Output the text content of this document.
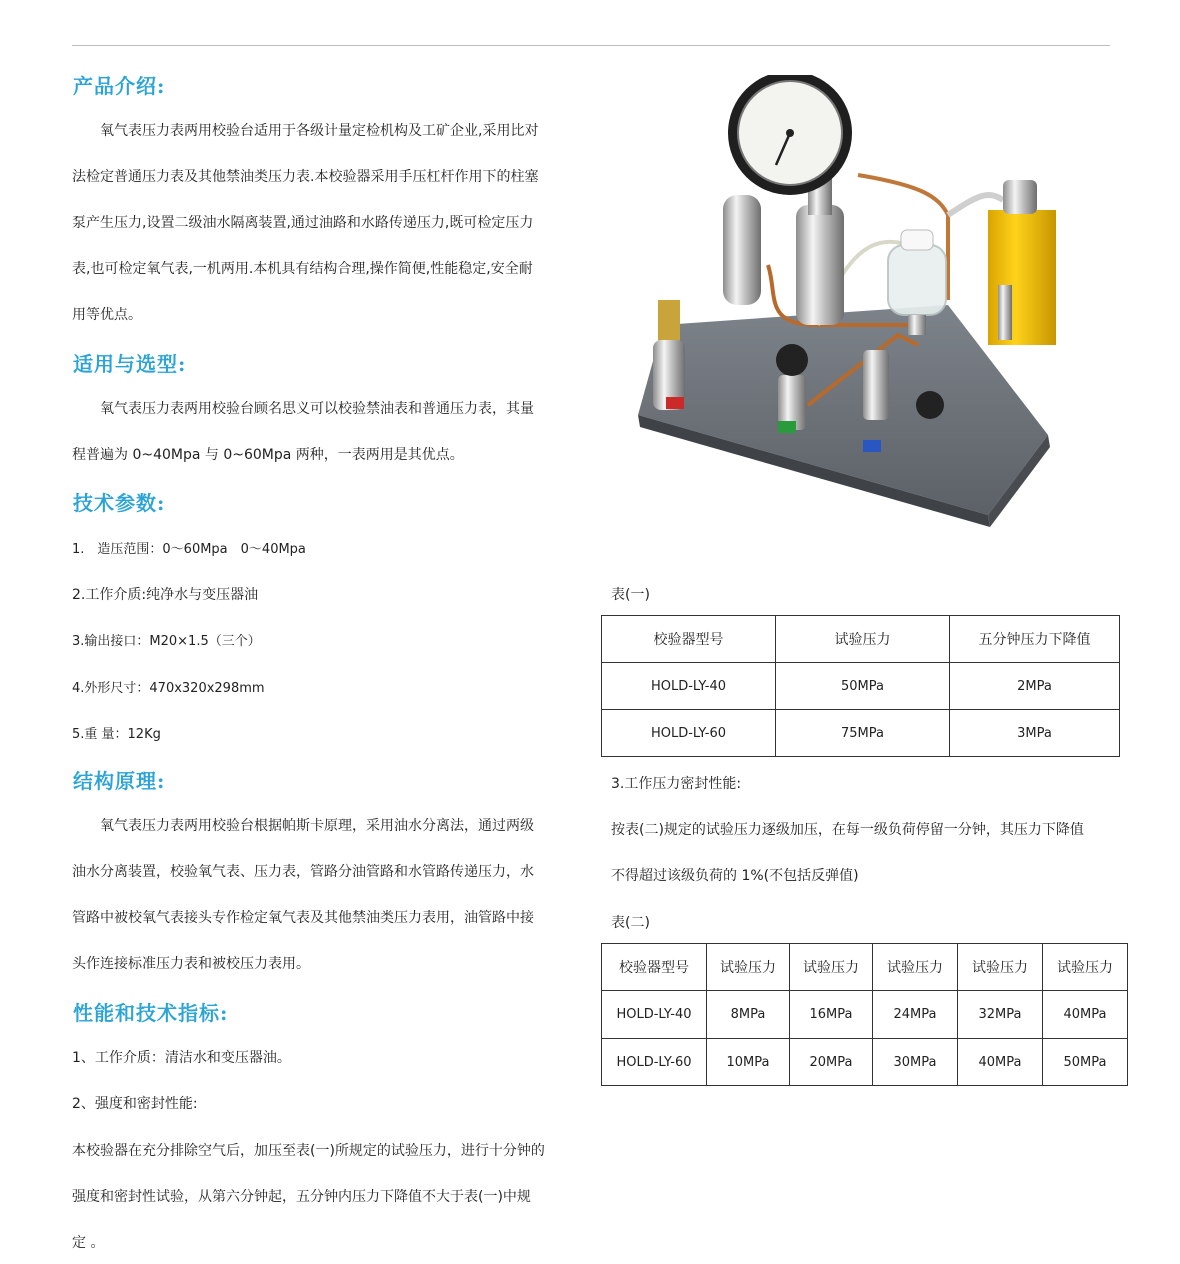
产品介绍:
　　氧气表压力表两用校验台适用于各级计量定检机构及工矿企业,采用比对
法检定普通压力表及其他禁油类压力表.本校验器采用手压杠杆作用下的柱塞
泵产生压力,设置二级油水隔离装置,通过油路和水路传递压力,既可检定压力
表,也可检定氧气表,一机两用.本机具有结构合理,操作简便,性能稳定,安全耐
用等优点。
适用与选型:
　　氧气表压力表两用校验台顾名思义可以校验禁油表和普通压力表，其量
程普遍为 0~40Mpa 与 0~60Mpa 两种，一表两用是其优点。
技术参数:
1.　造压范围：0～60Mpa　0～40Mpa
2.工作介质:纯净水与变压器油
3.输出接口：M20×1.5（三个）
4.外形尺寸：470x320x298mm
5.重 量：12Kg
结构原理:
　　氧气表压力表两用校验台根据帕斯卡原理，采用油水分离法，通过两级
油水分离装置，校验氧气表、压力表，管路分油管路和水管路传递压力，水
管路中被校氧气表接头专作检定氧气表及其他禁油类压力表用，油管路中接
头作连接标准压力表和被校压力表用。
性能和技术指标:
1、工作介质：清洁水和变压器油。
2、强度和密封性能:
本校验器在充分排除空气后，加压至表(一)所规定的试验压力，进行十分钟的
强度和密封性试验，从第六分钟起，五分钟内压力下降值不大于表(一)中规
定 。
表(一)
校验器型号	试验压力	五分钟压力下降值
HOLD-LY-40	50MPa	2MPa
HOLD-LY-60	75MPa	3MPa
3.工作压力密封性能:
按表(二)规定的试验压力逐级加压，在每一级负荷停留一分钟，其压力下降值
不得超过该级负荷的 1%(不包括反弹值)
表(二)
校验器型号	试验压力	试验压力	试验压力	试验压力	试验压力
HOLD-LY-40	8MPa	16MPa	24MPa	32MPa	40MPa
HOLD-LY-60	10MPa	20MPa	30MPa	40MPa	50MPa
